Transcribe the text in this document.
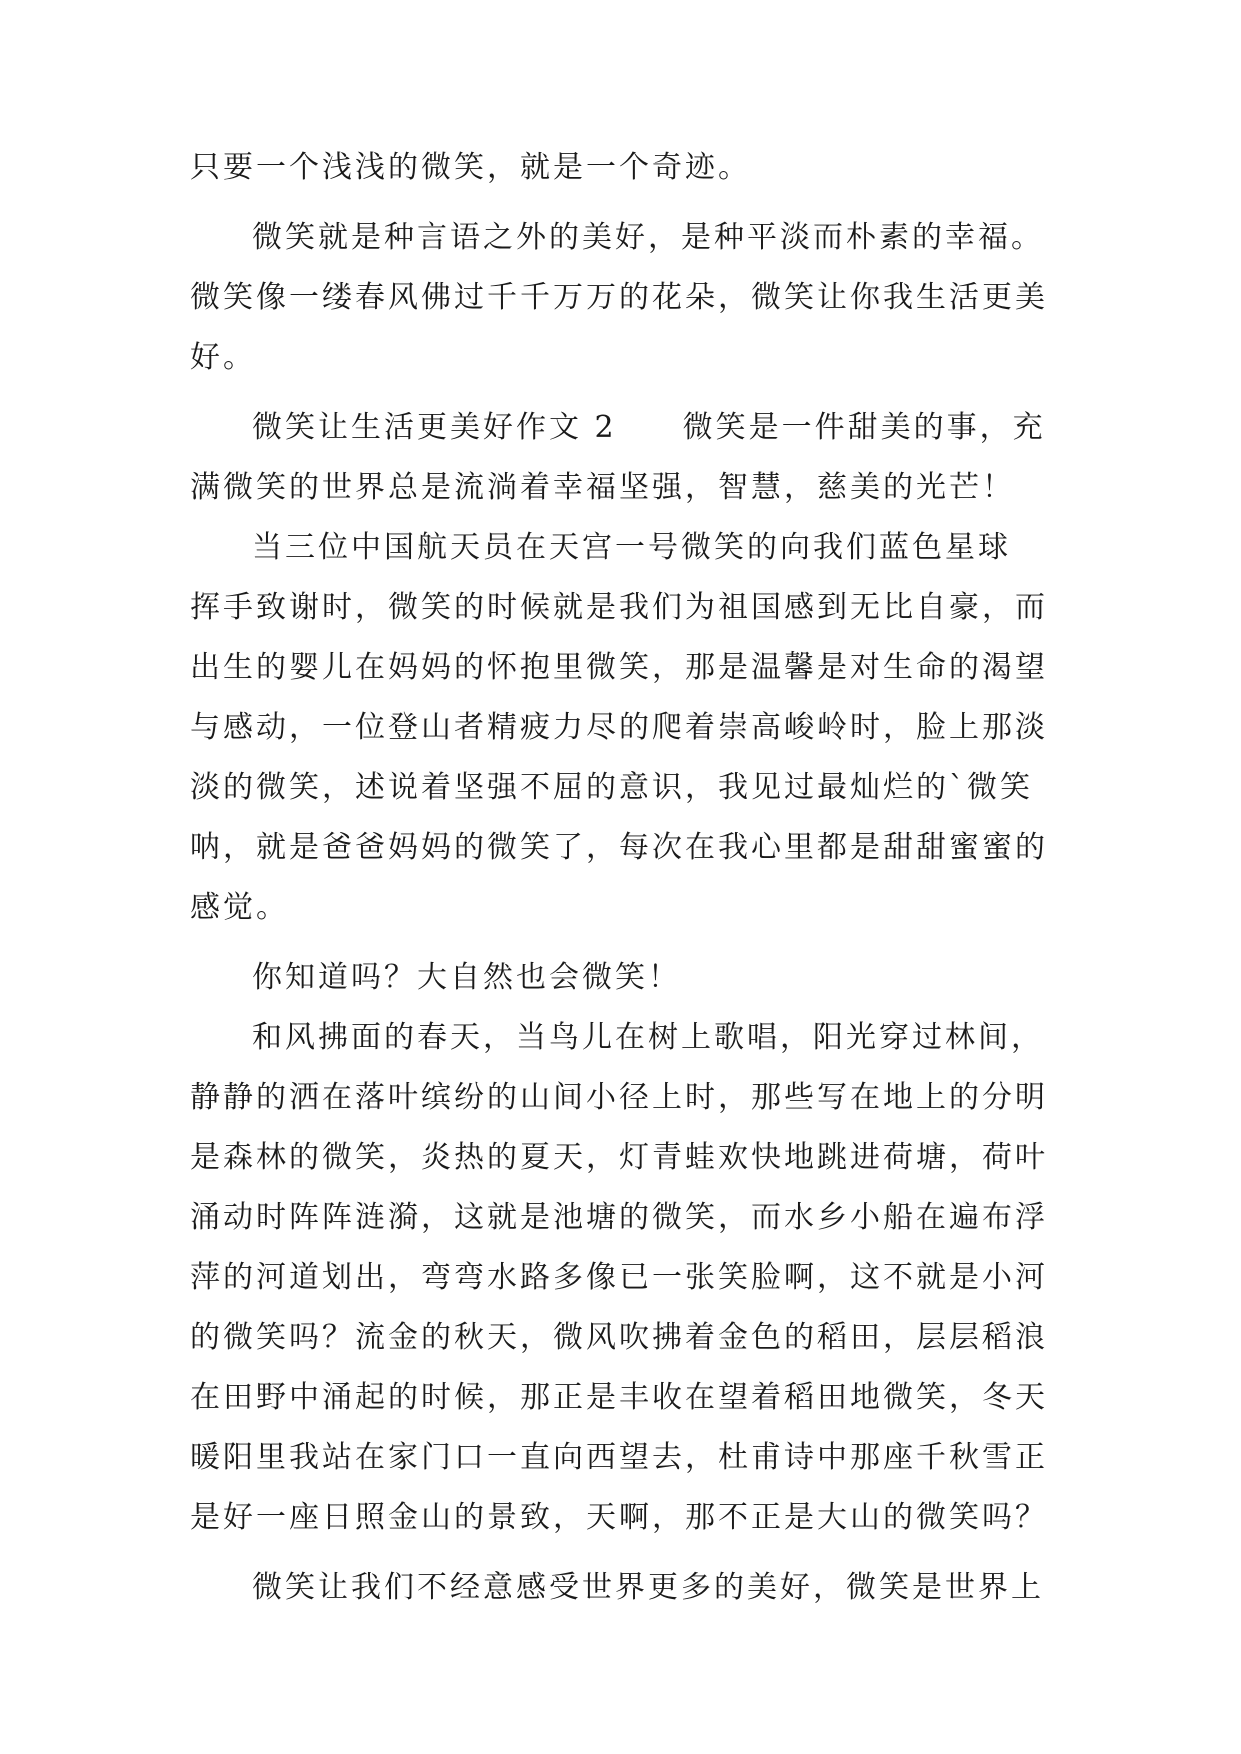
只要一个浅浅的微笑，就是一个奇迹。
微笑就是种言语之外的美好，是种平淡而朴素的幸福。
微笑像一缕春风佛过千千万万的花朵，微笑让你我生活更美
好。
微笑让生活更美好作文 2　　微笑是一件甜美的事，充
满微笑的世界总是流淌着幸福坚强，智慧，慈美的光芒！
当三位中国航天员在天宫一号微笑的向我们蓝色星球
挥手致谢时，微笑的时候就是我们为祖国感到无比自豪，而
出生的婴儿在妈妈的怀抱里微笑，那是温馨是对生命的渴望
与感动，一位登山者精疲力尽的爬着崇高峻岭时，脸上那淡
淡的微笑，述说着坚强不屈的意识，我见过最灿烂的`微笑
呐，就是爸爸妈妈的微笑了，每次在我心里都是甜甜蜜蜜的
感觉。
你知道吗？大自然也会微笑！
和风拂面的春天，当鸟儿在树上歌唱，阳光穿过林间，
静静的洒在落叶缤纷的山间小径上时，那些写在地上的分明
是森林的微笑，炎热的夏天，灯青蛙欢快地跳进荷塘，荷叶
涌动时阵阵涟漪，这就是池塘的微笑，而水乡小船在遍布浮
萍的河道划出，弯弯水路多像已一张笑脸啊，这不就是小河
的微笑吗？流金的秋天，微风吹拂着金色的稻田，层层稻浪
在田野中涌起的时候，那正是丰收在望着稻田地微笑，冬天
暖阳里我站在家门口一直向西望去，杜甫诗中那座千秋雪正
是好一座日照金山的景致，天啊，那不正是大山的微笑吗？
微笑让我们不经意感受世界更多的美好，微笑是世界上
